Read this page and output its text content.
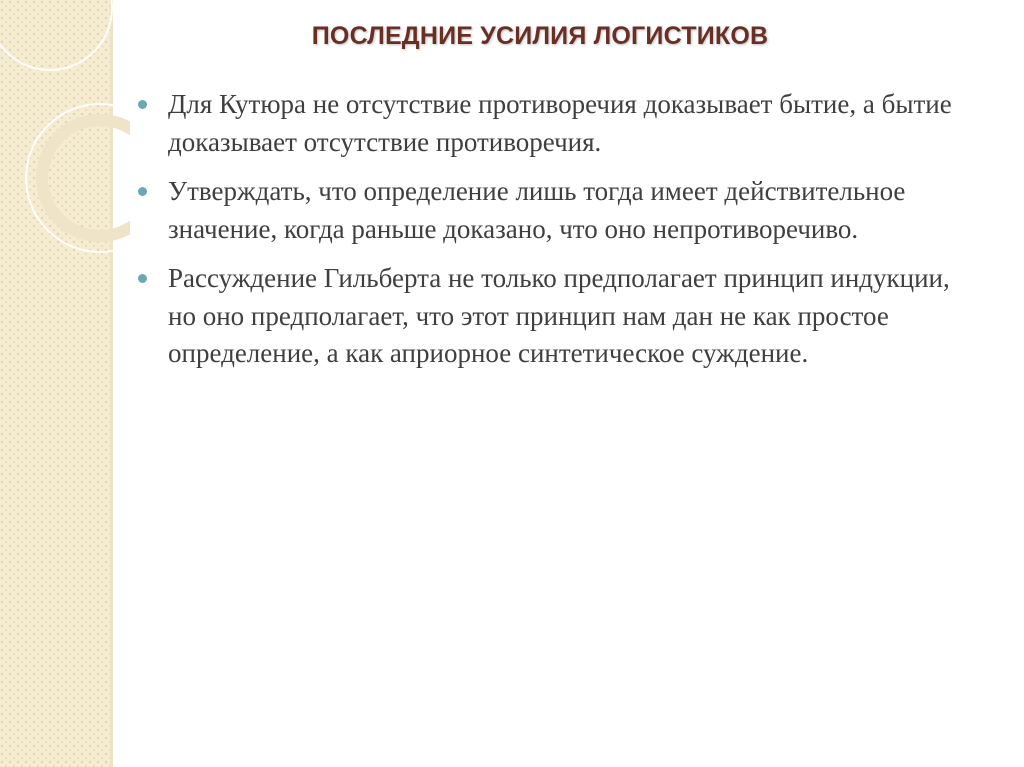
ПОСЛЕДНИЕ УСИЛИЯ ЛОГИСТИКОВ
Для Кутюра не отсутствие противоречия доказывает бытие, а бытие доказывает отсутствие противоречия.
Утверждать, что определение лишь тогда имеет действительное значение, когда раньше доказано, что оно непротиворечиво.
Рассуждение Гильберта не только предполагает принцип индукции, но оно предполагает, что этот принцип нам дан не как простое определение, а как априорное синтетическое суждение.
